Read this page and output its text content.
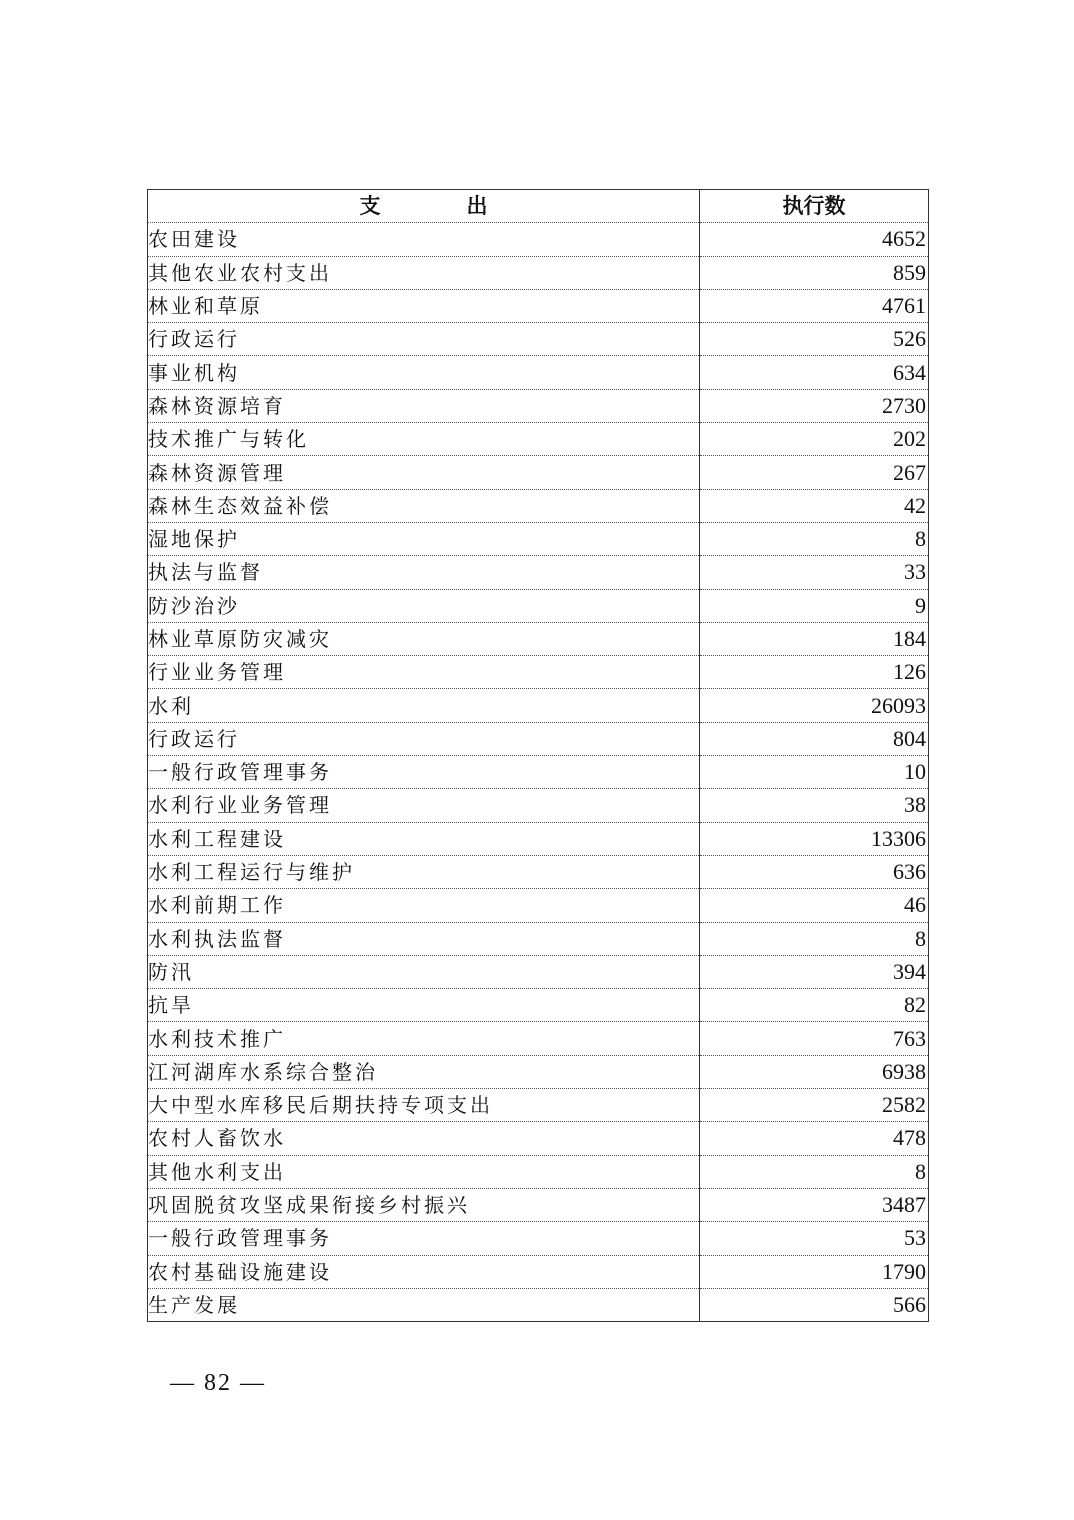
支出	执行数
农田建设	4652
其他农业农村支出	859
林业和草原	4761
行政运行	526
事业机构	634
森林资源培育	2730
技术推广与转化	202
森林资源管理	267
森林生态效益补偿	42
湿地保护	8
执法与监督	33
防沙治沙	9
林业草原防灾减灾	184
行业业务管理	126
水利	26093
行政运行	804
一般行政管理事务	10
水利行业业务管理	38
水利工程建设	13306
水利工程运行与维护	636
水利前期工作	46
水利执法监督	8
防汛	394
抗旱	82
水利技术推广	763
江河湖库水系综合整治	6938
大中型水库移民后期扶持专项支出	2582
农村人畜饮水	478
其他水利支出	8
巩固脱贫攻坚成果衔接乡村振兴	3487
一般行政管理事务	53
农村基础设施建设	1790
生产发展	566
— 82 —
